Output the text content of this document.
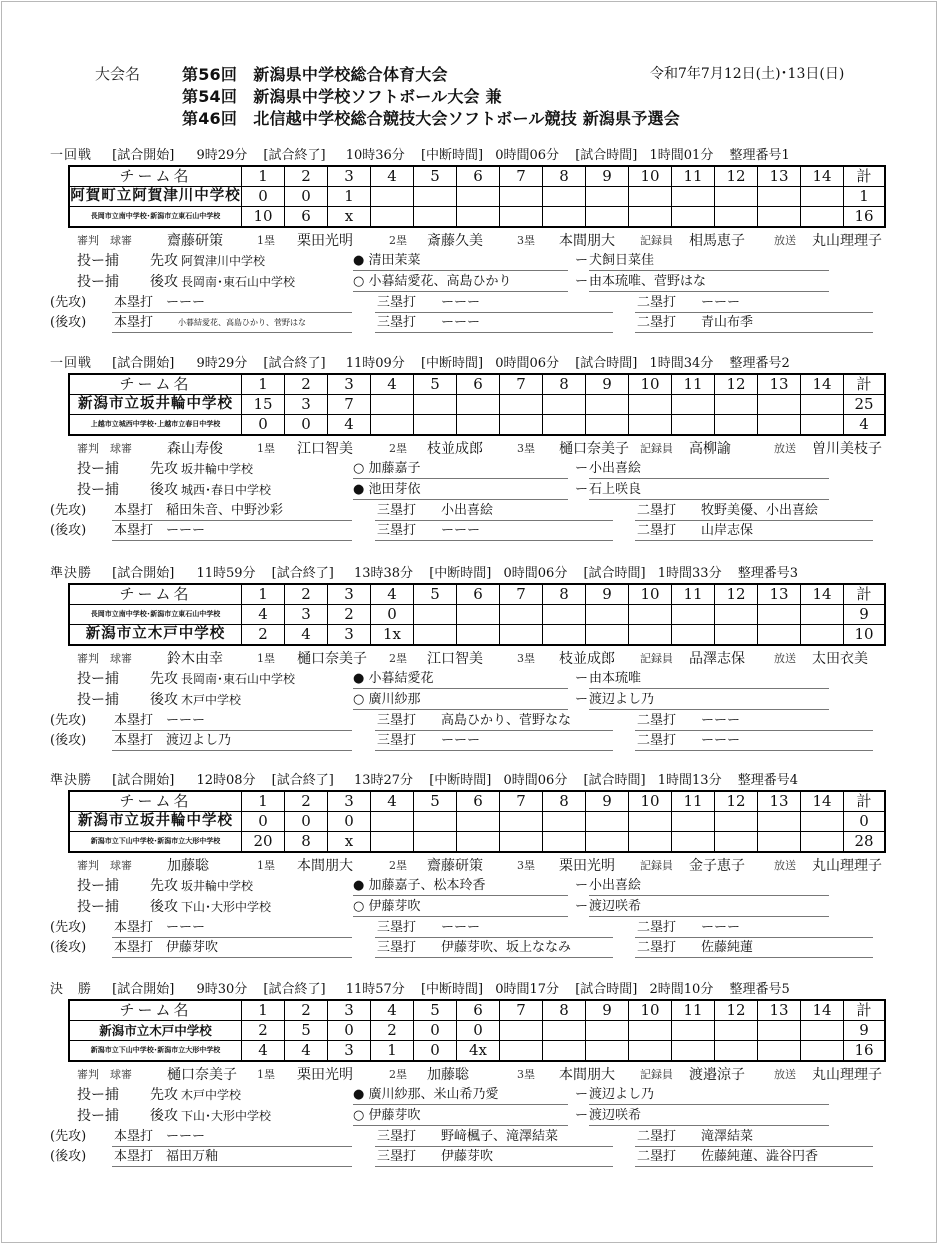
大会名	第56回　新潟県中学校総合体育大会
第54回　新潟県中学校ソフトボール大会 兼
第46回　北信越中学校総合競技大会ソフトボール競技 新潟県予選会
令和7年7月12日(土)･13日(日)
一回戦 [試合開始] 9時29分 [試合終了] 10時36分 [中断時間] 0時間06分 [試合時間] 1時間01分 整理番号1
チーム名	1	2	3	4	5	6	7	8	9	10	11	12	13	14	計
阿賀町立阿賀津川中学校	0	0	1												1
長岡市立南中学校･新潟市立東石山中学校	10	6	x												16
審判 球審	齋藤研策	1塁 栗田光明	2塁 斎藤久美	3塁 本間朋大 記録員 相馬恵子	放送 丸山理理子
投ー捕 先攻 阿賀津川中学校	● 清田茉菜	ー 犬飼日菜佳
投ー捕 後攻 長岡南･東石山中学校	○ 小暮結愛花、高島ひかり	ー 由本琉唯、菅野はな
(先攻) 本塁打 ーーー	三塁打 ーーー	二塁打 ーーー
(後攻) 本塁打	小暮結愛花、高島ひかり、菅野はな	三塁打 ーーー	二塁打 青山布季
一回戦 [試合開始] 9時29分 [試合終了] 11時09分 [中断時間] 0時間06分 [試合時間] 1時間34分 整理番号2
チーム名	1	2	3	4	5	6	7	8	9	10	11	12	13	14	計
新潟市立坂井輪中学校	15	3	7												25
上越市立城西中学校･上越市立春日中学校	0	0	4												4
審判 球審	森山寿俊	1塁 江口智美	2塁 枝並成郎	3塁 樋口奈美子 記録員 高柳諭	放送 曽川美枝子
投ー捕 先攻 坂井輪中学校	○ 加藤嘉子	ー 小出喜絵
投ー捕 後攻 城西･春日中学校	● 池田芽依	ー 石上咲良
(先攻) 本塁打 稲田朱音、中野沙彩	三塁打 小出喜絵	二塁打 牧野美優、小出喜絵
(後攻) 本塁打 ーーー	三塁打 ーーー	二塁打 山岸志保
準決勝 [試合開始] 11時59分 [試合終了] 13時38分 [中断時間] 0時間06分 [試合時間] 1時間33分 整理番号3
チーム名	1	2	3	4	5	6	7	8	9	10	11	12	13	14	計
長岡市立南中学校･新潟市立東石山中学校	4	3	2	0											9
新潟市立木戸中学校	2	4	3	1x											10
審判 球審	鈴木由幸	1塁 樋口奈美子 2塁 江口智美	3塁 枝並成郎 記録員 品澤志保	放送 太田衣美
投ー捕 先攻 長岡南･東石山中学校	● 小暮結愛花	ー 由本琉唯
投ー捕 後攻 木戸中学校	○ 廣川紗那	ー 渡辺よし乃
(先攻) 本塁打 ーーー	三塁打 高島ひかり、菅野なな	二塁打 ーーー
(後攻) 本塁打 渡辺よし乃	三塁打 ーーー	二塁打 ーーー
準決勝 [試合開始] 12時08分 [試合終了] 13時27分 [中断時間] 0時間06分 [試合時間] 1時間13分 整理番号4
チーム名	1	2	3	4	5	6	7	8	9	10	11	12	13	14	計
新潟市立坂井輪中学校	0	0	0												0
新潟市立下山中学校･新潟市立大形中学校	20	8	x												28
審判 球審	加藤聡	1塁 本間朋大	2塁 齋藤研策	3塁 栗田光明 記録員 金子恵子	放送 丸山理理子
投ー捕 先攻 坂井輪中学校	● 加藤嘉子、松本玲香	ー 小出喜絵
投ー捕 後攻 下山･大形中学校	○ 伊藤芽吹	ー 渡辺咲希
(先攻) 本塁打 ーーー	三塁打 ーーー	二塁打 ーーー
(後攻) 本塁打 伊藤芽吹	三塁打 伊藤芽吹、坂上ななみ	二塁打 佐藤純蓮
決　勝 [試合開始] 9時30分 [試合終了] 11時57分 [中断時間] 0時間17分 [試合時間] 2時間10分 整理番号5
チーム名	1	2	3	4	5	6	7	8	9	10	11	12	13	14	計
新潟市立木戸中学校	2	5	0	2	0	0									9
新潟市立下山中学校･新潟市立大形中学校	4	4	3	1	0	4x									16
審判 球審	樋口奈美子 1塁 栗田光明	2塁 加藤聡	3塁 本間朋大 記録員 渡邉涼子	放送 丸山理理子
投ー捕 先攻 木戸中学校	● 廣川紗那、米山希乃愛	ー 渡辺よし乃
投ー捕 後攻 下山･大形中学校	○ 伊藤芽吹	ー 渡辺咲希
(先攻) 本塁打 ーーー	三塁打 野﨑楓子、滝澤結菜	二塁打 滝澤結菜
(後攻) 本塁打 福田万釉	三塁打 伊藤芽吹	二塁打 佐藤純蓮、澁谷円香
